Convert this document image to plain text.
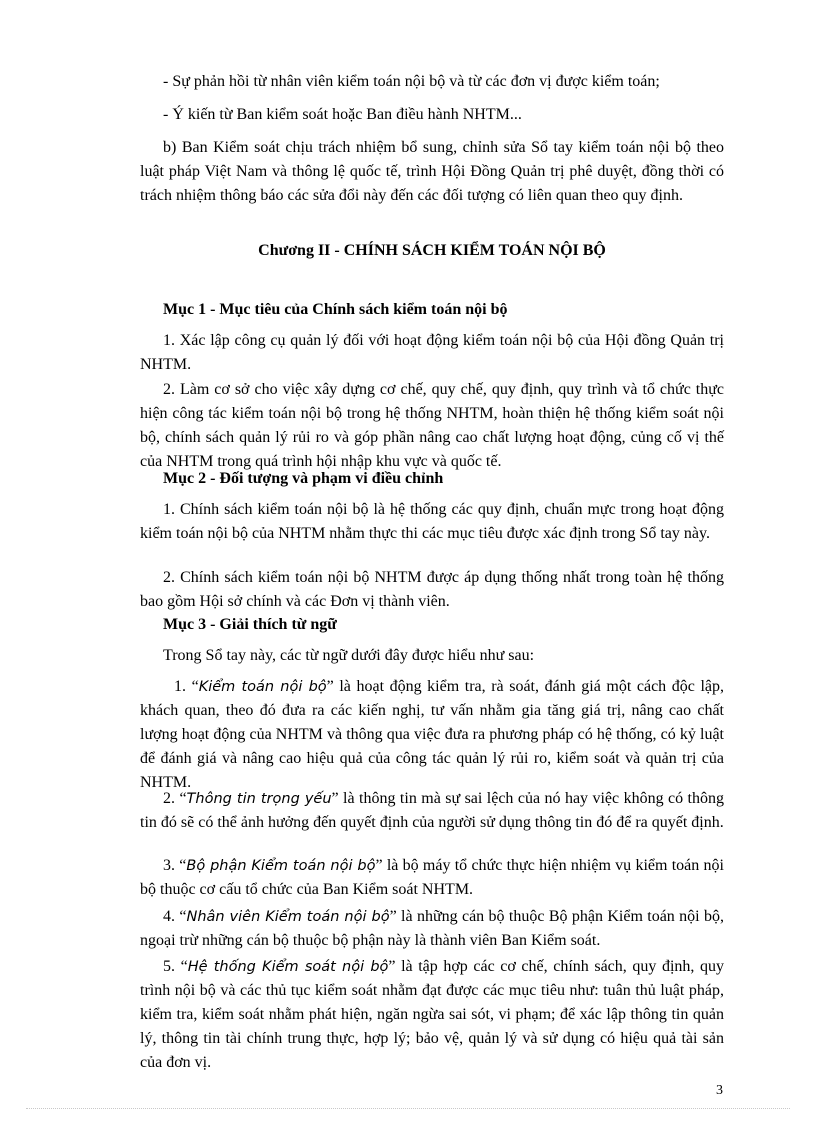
- Sự phản hồi từ nhân viên kiểm toán nội bộ và từ các đơn vị được kiểm toán;

- Ý kiến từ Ban kiểm soát hoặc Ban điều hành NHTM...

b) Ban Kiểm soát chịu trách nhiệm bổ sung, chỉnh sửa Sổ tay kiểm toán nội bộ theo luật pháp Việt Nam và thông lệ quốc tế, trình Hội Đồng Quản trị phê duyệt, đồng thời có trách nhiệm thông báo các sửa đổi này đến các đối tượng có liên quan theo quy định.

Chương II - CHÍNH SÁCH KIỂM TOÁN NỘI BỘ

Mục 1 - Mục tiêu của Chính sách kiểm toán nội bộ

1. Xác lập công cụ quản lý đối với hoạt động kiểm toán nội bộ của Hội đồng Quản trị NHTM.

2. Làm cơ sở cho việc xây dựng cơ chế, quy chế, quy định, quy trình và tổ chức thực hiện công tác kiểm toán nội bộ trong hệ thống NHTM, hoàn thiện hệ thống kiểm soát nội bộ, chính sách quản lý rủi ro và góp phần nâng cao chất lượng hoạt động, củng cố vị thế của NHTM trong quá trình hội nhập khu vực và quốc tế.

Mục 2 - Đối tượng và phạm vi điều chỉnh

1. Chính sách kiểm toán nội bộ là hệ thống các quy định, chuẩn mực trong hoạt động kiểm toán nội bộ của NHTM nhằm thực thi các mục tiêu được xác định trong Sổ tay này.

2. Chính sách kiểm toán nội bộ NHTM được áp dụng thống nhất trong toàn hệ thống bao gồm Hội sở chính và các Đơn vị thành viên.

Mục 3 - Giải thích từ ngữ

Trong Sổ tay này, các từ ngữ dưới đây được hiểu như sau:

1. “Kiểm toán nội bộ” là hoạt động kiểm tra, rà soát, đánh giá một cách độc lập, khách quan, theo đó đưa ra các kiến nghị, tư vấn nhằm gia tăng giá trị, nâng cao chất lượng hoạt động của NHTM và thông qua việc đưa ra phương pháp có hệ thống, có kỷ luật để đánh giá và nâng cao hiệu quả của công tác quản lý rủi ro, kiểm soát và quản trị của NHTM.

2. “Thông tin trọng yếu” là thông tin mà sự sai lệch của nó hay việc không có thông tin đó sẽ có thể ảnh hưởng đến quyết định của người sử dụng thông tin đó để ra quyết định.

3. “Bộ phận Kiểm toán nội bộ” là bộ máy tổ chức thực hiện nhiệm vụ kiểm toán nội bộ thuộc cơ cấu tổ chức của Ban Kiểm soát NHTM.

4. “Nhân viên Kiểm toán nội bộ” là những cán bộ thuộc Bộ phận Kiểm toán nội bộ, ngoại trừ những cán bộ thuộc bộ phận này là thành viên Ban Kiểm soát.

5. “Hệ thống Kiểm soát nội bộ” là tập hợp các cơ chế, chính sách, quy định, quy trình nội bộ và các thủ tục kiểm soát nhằm đạt được các mục tiêu như: tuân thủ luật pháp, kiểm tra, kiểm soát nhằm phát hiện, ngăn ngừa sai sót, vi phạm; để xác lập thông tin quản lý, thông tin tài chính trung thực, hợp lý; bảo vệ, quản lý và sử dụng có hiệu quả tài sản của đơn vị.

3
